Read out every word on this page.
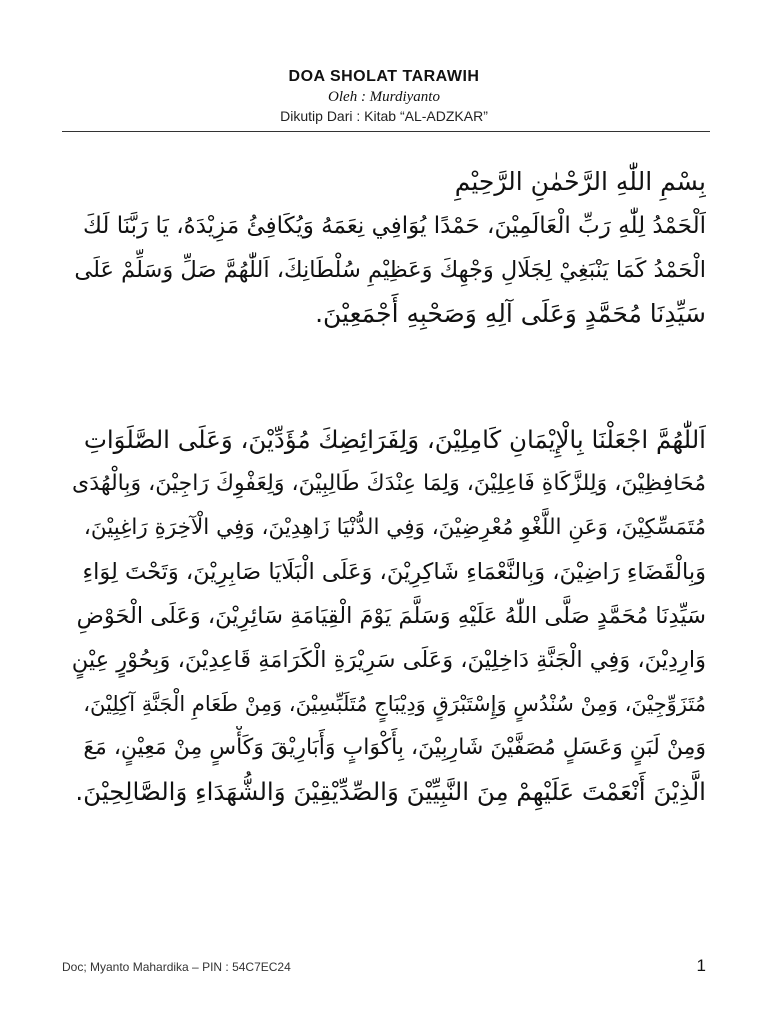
DOA SHOLAT TARAWIH
Oleh : Murdiyanto
Dikutip Dari : Kitab “AL-ADZKAR”
بِسْمِ اللّٰهِ الرَّحْمٰنِ الرَّحِيْمِ
اَلْحَمْدُ لِلّٰهِ رَبِّ الْعَالَمِيْنَ، حَمْدًا يُوَافِي نِعَمَهُ وَيُكَافِئُ مَزِيْدَهُ، يَا رَبَّنَا لَكَ
الْحَمْدُ كَمَا يَنْبَغِيْ لِجَلَالِ وَجْهِكَ وَعَظِيْمِ سُلْطَانِكَ، اَللّٰهُمَّ صَلِّ وَسَلِّمْ عَلَى
سَيِّدِنَا مُحَمَّدٍ وَعَلَى آلِهِ وَصَحْبِهِ أَجْمَعِيْنَ.
اَللّٰهُمَّ اجْعَلْنَا بِالْإِيْمَانِ كَامِلِيْنَ، وَلِفَرَائِضِكَ مُؤَدِّيْنَ، وَعَلَى الصَّلَوَاتِ
مُحَافِظِيْنَ، وَلِلزَّكَاةِ فَاعِلِيْنَ، وَلِمَا عِنْدَكَ طَالِبِيْنَ، وَلِعَفْوِكَ رَاجِيْنَ، وَبِالْهُدَى
مُتَمَسِّكِيْنَ، وَعَنِ اللَّغْوِ مُعْرِضِيْنَ، وَفِي الدُّنْيَا زَاهِدِيْنَ، وَفِي الْآخِرَةِ رَاغِبِيْنَ،
وَبِالْقَضَاءِ رَاضِيْنَ، وَبِالنَّعْمَاءِ شَاكِرِيْنَ، وَعَلَى الْبَلَايَا صَابِرِيْنَ، وَتَحْتَ لِوَاءِ
سَيِّدِنَا مُحَمَّدٍ صَلَّى اللّٰهُ عَلَيْهِ وَسَلَّمَ يَوْمَ الْقِيَامَةِ سَائِرِيْنَ، وَعَلَى الْحَوْضِ
وَارِدِيْنَ، وَفِي الْجَنَّةِ دَاخِلِيْنَ، وَعَلَى سَرِيْرَةِ الْكَرَامَةِ قَاعِدِيْنَ، وَبِحُوْرٍ عِيْنٍ
مُتَزَوِّجِيْنَ، وَمِنْ سُنْدُسٍ وَإِسْتَبْرَقٍ وَدِيْبَاجٍ مُتَلَبِّسِيْنَ، وَمِنْ طَعَامِ الْجَنَّةِ آكِلِيْنَ،
وَمِنْ لَبَنٍ وَعَسَلٍ مُصَفَّيْنَ شَارِبِيْنَ، بِأَكْوَابٍ وَأَبَارِيْقَ وَكَأْسٍ مِنْ مَعِيْنٍ، مَعَ
الَّذِيْنَ أَنْعَمْتَ عَلَيْهِمْ مِنَ النَّبِيِّيْنَ وَالصِّدِّيْقِيْنَ وَالشُّهَدَاءِ وَالصَّالِحِيْنَ.
Doc; Myanto Mahardika – PIN : 54C7EC24	1
